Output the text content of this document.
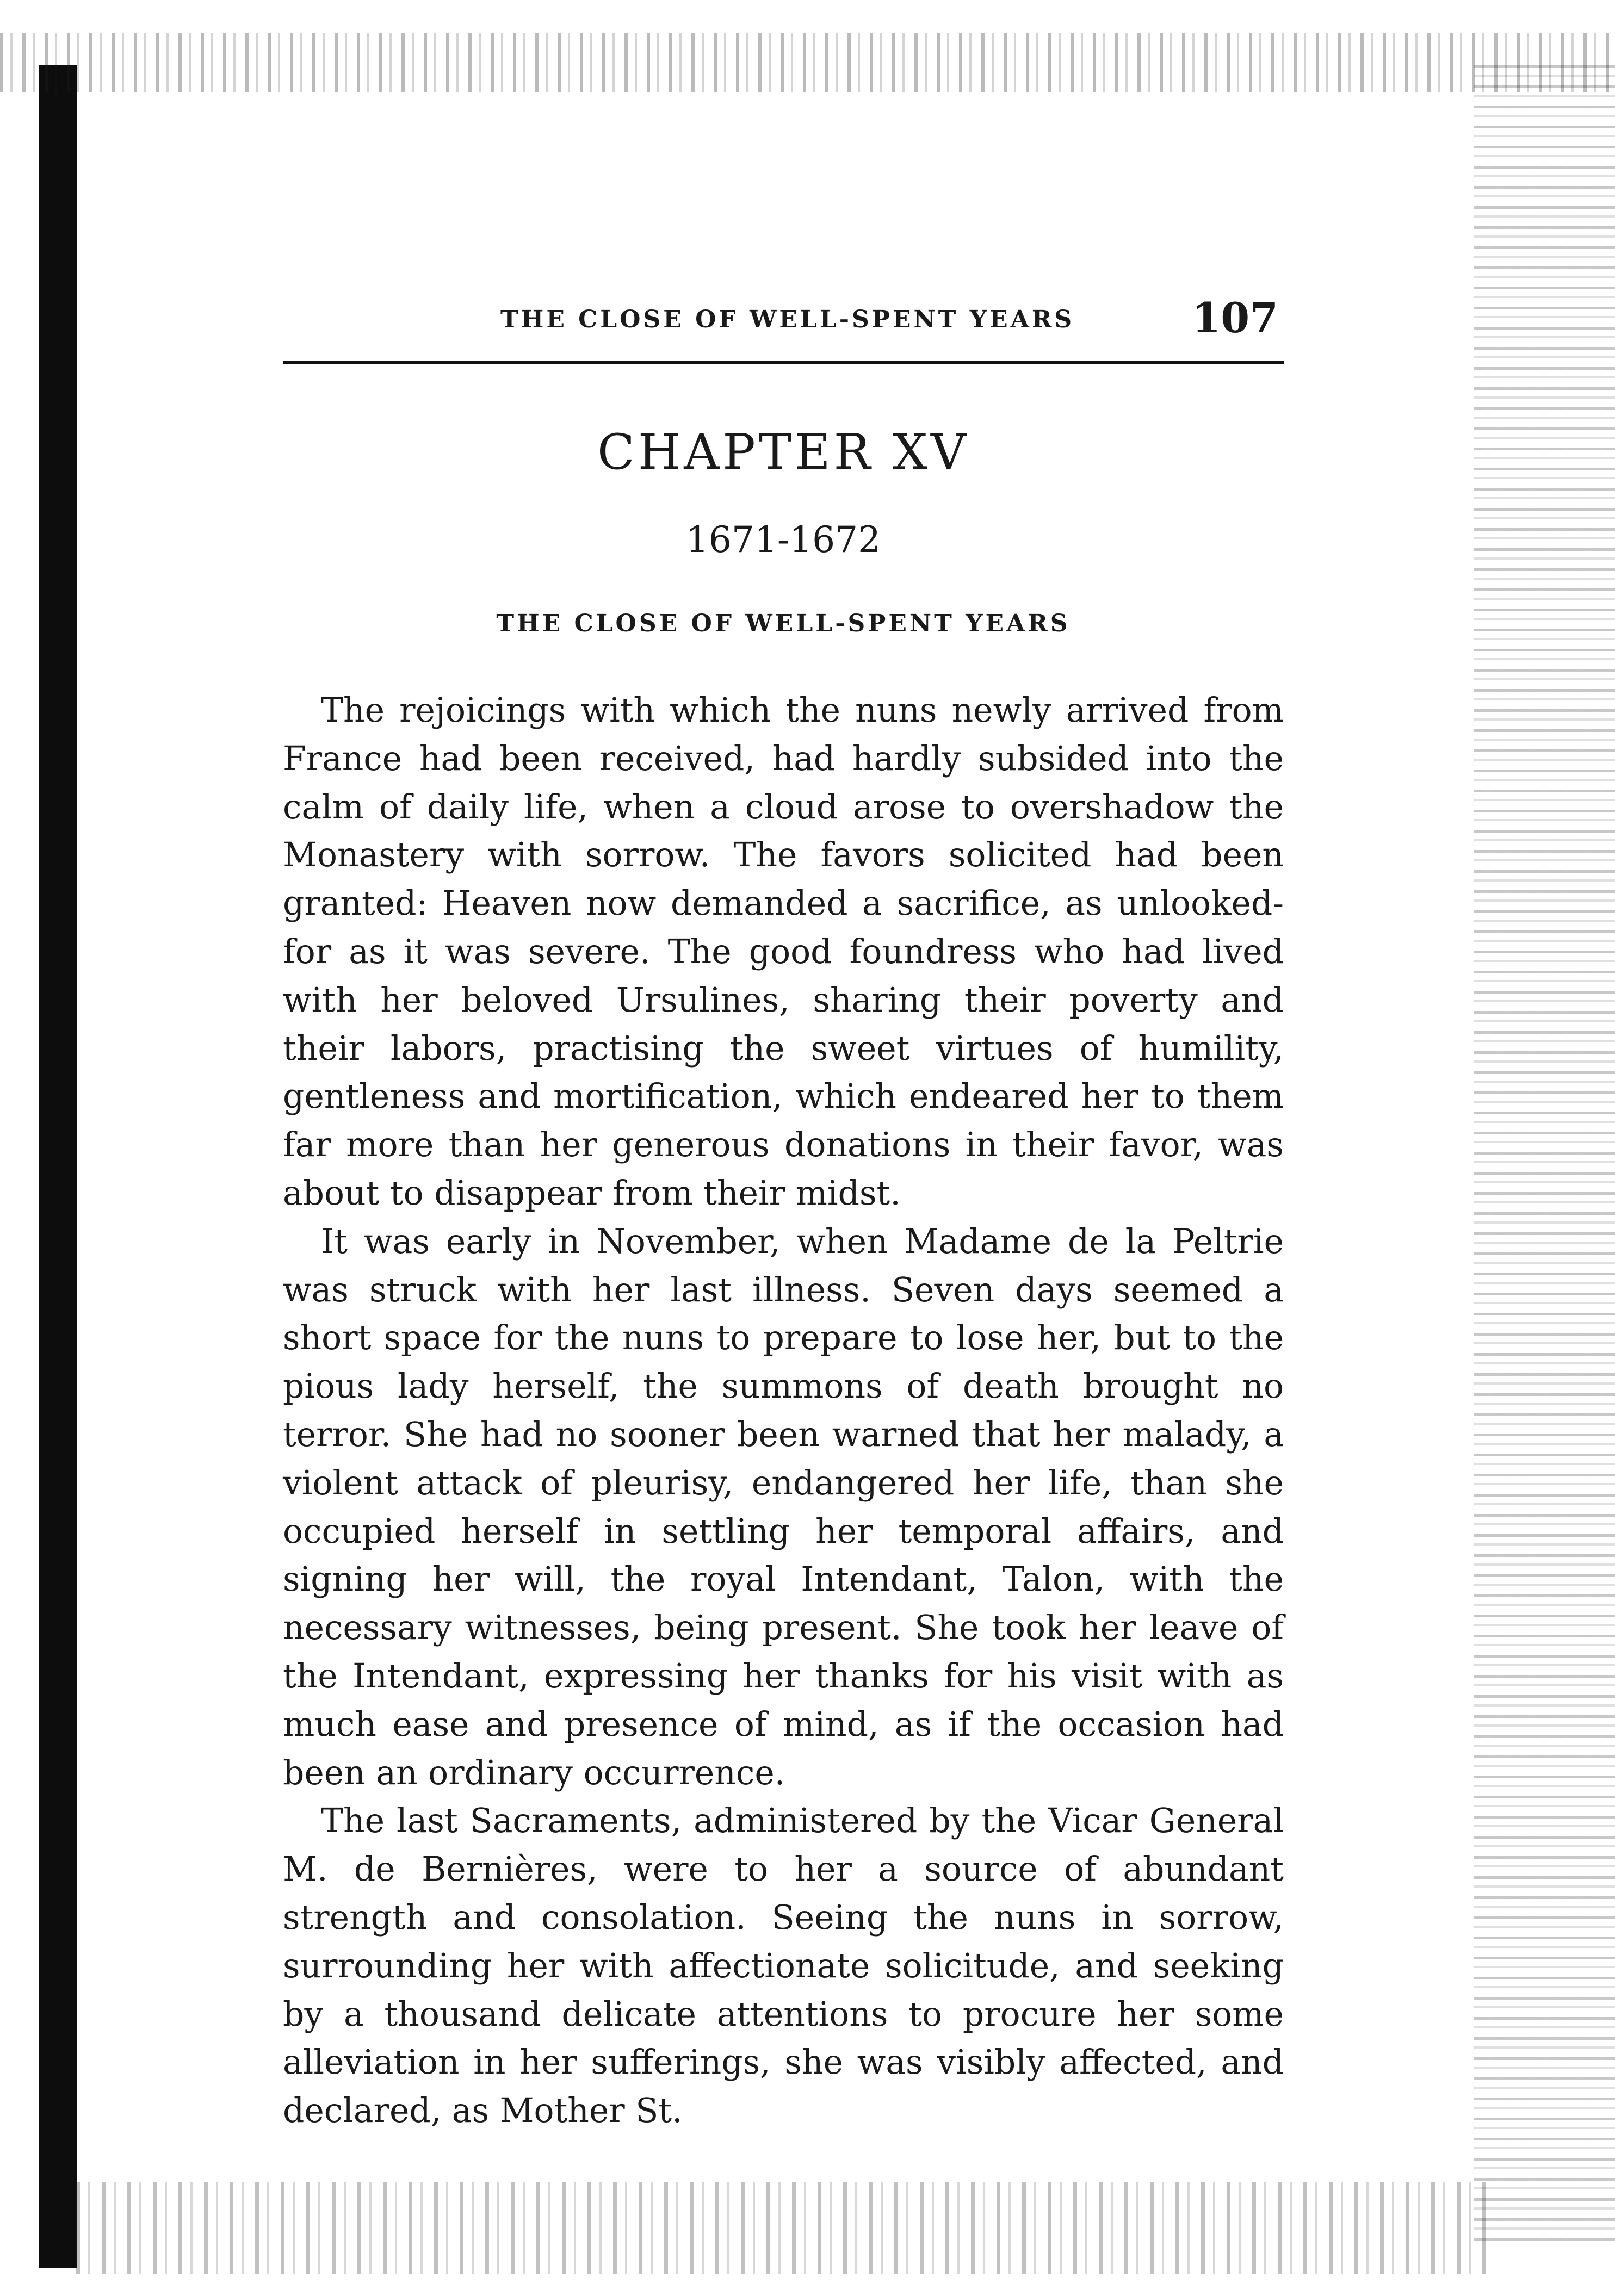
THE CLOSE OF WELL-SPENT YEARS	107
CHAPTER XV
1671-1672
THE CLOSE OF WELL-SPENT YEARS

The rejoicings with which the nuns newly arrived from France had been received, had hardly subsided into the calm of daily life, when a cloud arose to overshadow the Monastery with sorrow. The favors solicited had been granted: Heaven now demanded a sacrifice, as unlooked-for as it was severe. The good foundress who had lived with her beloved Ursulines, sharing their poverty and their labors, practising the sweet virtues of humility, gentleness and mortification, which endeared her to them far more than her generous donations in their favor, was about to disappear from their midst.

It was early in November, when Madame de la Peltrie was struck with her last illness. Seven days seemed a short space for the nuns to prepare to lose her, but to the pious lady herself, the summons of death brought no terror. She had no sooner been warned that her malady, a violent attack of pleurisy, endangered her life, than she occupied herself in settling her temporal affairs, and signing her will, the royal Intendant, Talon, with the necessary witnesses, being present. She took her leave of the Intendant, expressing her thanks for his visit with as much ease and presence of mind, as if the occasion had been an ordinary occurrence.

The last Sacraments, administered by the Vicar General M. de Bernières, were to her a source of abundant strength and consolation. Seeing the nuns in sorrow, surrounding her with affectionate solicitude, and seeking by a thousand delicate attentions to procure her some alleviation in her sufferings, she was visibly affected, and declared, as Mother St.
